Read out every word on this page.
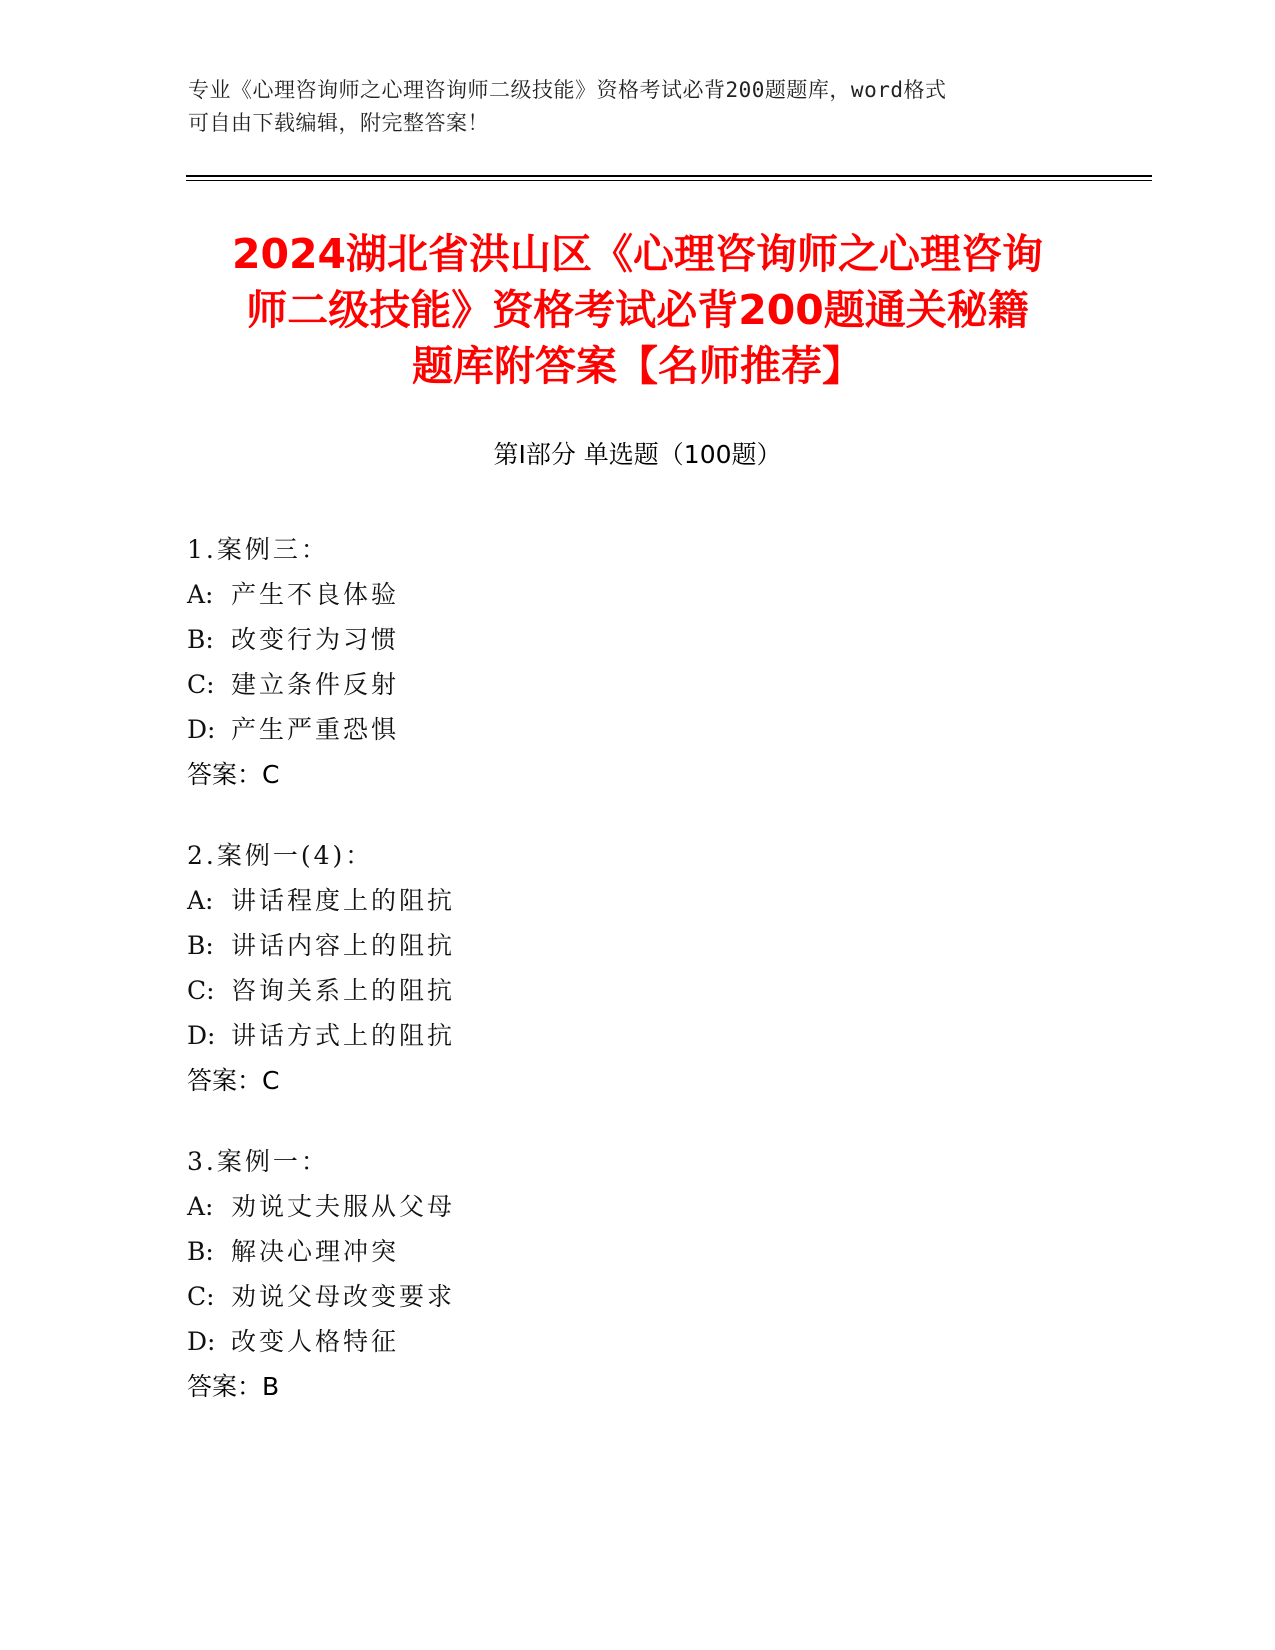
专业《心理咨询师之心理咨询师二级技能》资格考试必背200题题库，word格式
可自由下载编辑，附完整答案！
2024湖北省洪山区《心理咨询师之心理咨询
师二级技能》资格考试必背200题通关秘籍
题库附答案【名师推荐】
第Ⅰ部分 单选题（100题）
1.案例三：
A: 产生不良体验
B: 改变行为习惯
C: 建立条件反射
D: 产生严重恐惧
答案：C
2.案例一(4)：
A: 讲话程度上的阻抗
B: 讲话内容上的阻抗
C: 咨询关系上的阻抗
D: 讲话方式上的阻抗
答案：C
3.案例一：
A: 劝说丈夫服从父母
B: 解决心理冲突
C: 劝说父母改变要求
D: 改变人格特征
答案：B
